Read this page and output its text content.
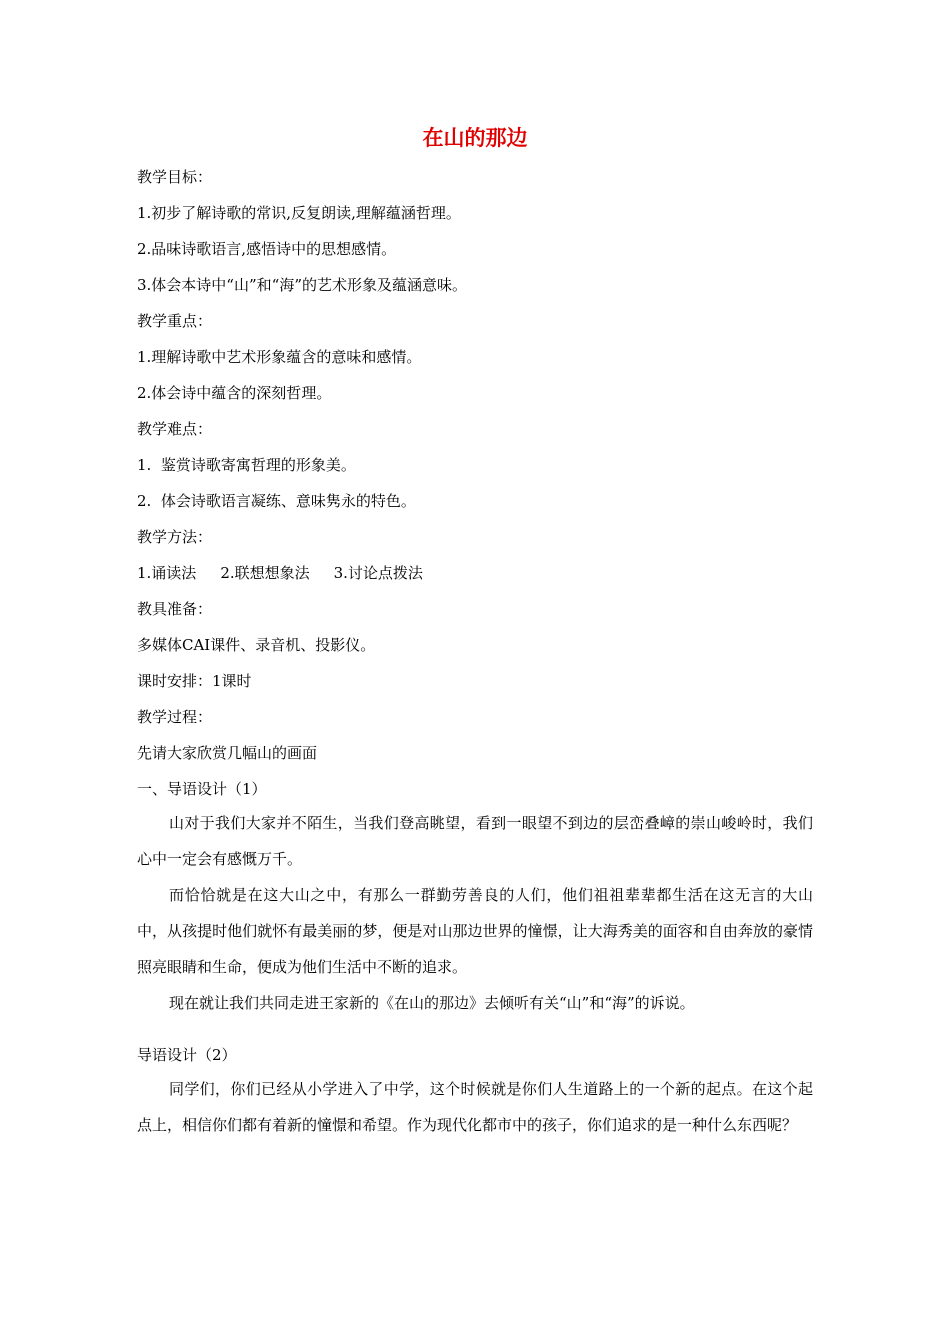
在山的那边
教学目标：
1.初步了解诗歌的常识,反复朗读,理解蕴涵哲理。
2.品味诗歌语言,感悟诗中的思想感情。
3.体会本诗中“山”和“海”的艺术形象及蕴涵意味。
教学重点：
1.理解诗歌中艺术形象蕴含的意味和感情。
2.体会诗中蕴含的深刻哲理。
教学难点：
1.  鉴赏诗歌寄寓哲理的形象美。
2.  体会诗歌语言凝练、意味隽永的特色。
教学方法：
1.诵读法 2.联想想象法 3.讨论点拨法
教具准备：
多媒体CAI课件、录音机、投影仪。
课时安排：1课时
教学过程：
先请大家欣赏几幅山的画面
一、导语设计（1）
山对于我们大家并不陌生，当我们登高眺望，看到一眼望不到边的层峦叠嶂的崇山峻岭时，我们心中一定会有感慨万千。
而恰恰就是在这大山之中，有那么一群勤劳善良的人们，他们祖祖辈辈都生活在这无言的大山中，从孩提时他们就怀有最美丽的梦，便是对山那边世界的憧憬，让大海秀美的面容和自由奔放的豪情照亮眼睛和生命，便成为他们生活中不断的追求。
现在就让我们共同走进王家新的《在山的那边》去倾听有关“山”和“海”的诉说。
导语设计（2）
同学们，你们已经从小学进入了中学，这个时候就是你们人生道路上的一个新的起点。在这个起点上，相信你们都有着新的憧憬和希望。作为现代化都市中的孩子，你们追求的是一种什么东西呢？
